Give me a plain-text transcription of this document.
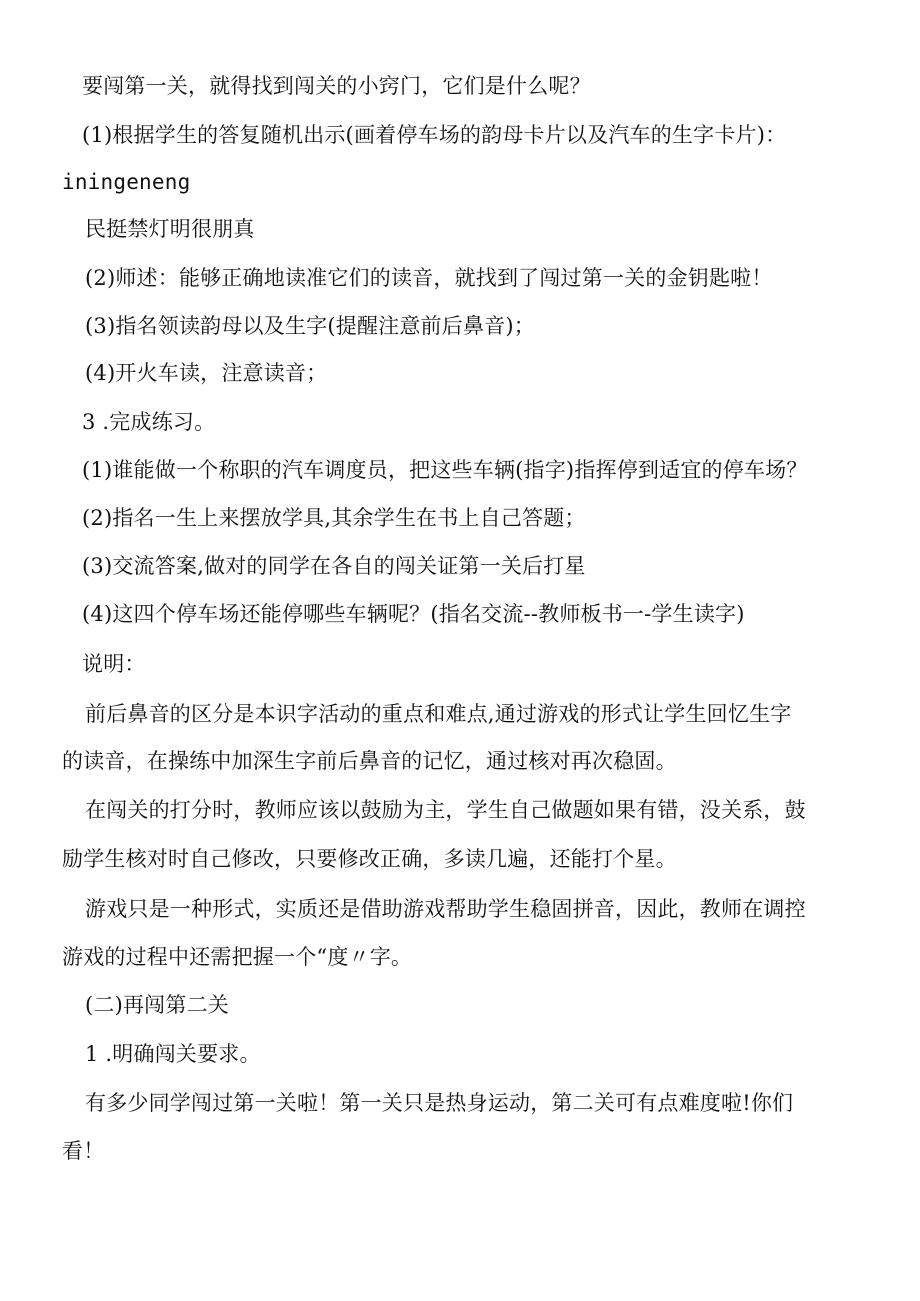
要闯第一关，就得找到闯关的小窍门，它们是什么呢？
(1)根据学生的答复随机出示(画着停车场的韵母卡片以及汽车的生字卡片)：
iningeneng
民挺禁灯明很朋真
(2)师述：能够正确地读准它们的读音，就找到了闯过第一关的金钥匙啦！
(3)指名领读韵母以及生字(提醒注意前后鼻音)；
(4)开火车读，注意读音；
3 .完成练习。
(1)谁能做一个称职的汽车调度员，把这些车辆(指字)指挥停到适宜的停车场？
(2)指名一生上来摆放学具,其余学生在书上自己答题；
(3)交流答案,做对的同学在各自的闯关证第一关后打星
(4)这四个停车场还能停哪些车辆呢？(指名交流--教师板书一-学生读字)
说明：
前后鼻音的区分是本识字活动的重点和难点,通过游戏的形式让学生回忆生字
的读音，在操练中加深生字前后鼻音的记忆，通过核对再次稳固。
在闯关的打分时，教师应该以鼓励为主，学生自己做题如果有错，没关系，鼓
励学生核对时自己修改，只要修改正确，多读几遍，还能打个星。
游戏只是一种形式，实质还是借助游戏帮助学生稳固拼音，因此，教师在调控
游戏的过程中还需把握一个“度〃字。
(二)再闯第二关
1 .明确闯关要求。
有多少同学闯过第一关啦！第一关只是热身运动，第二关可有点难度啦!你们
看！
